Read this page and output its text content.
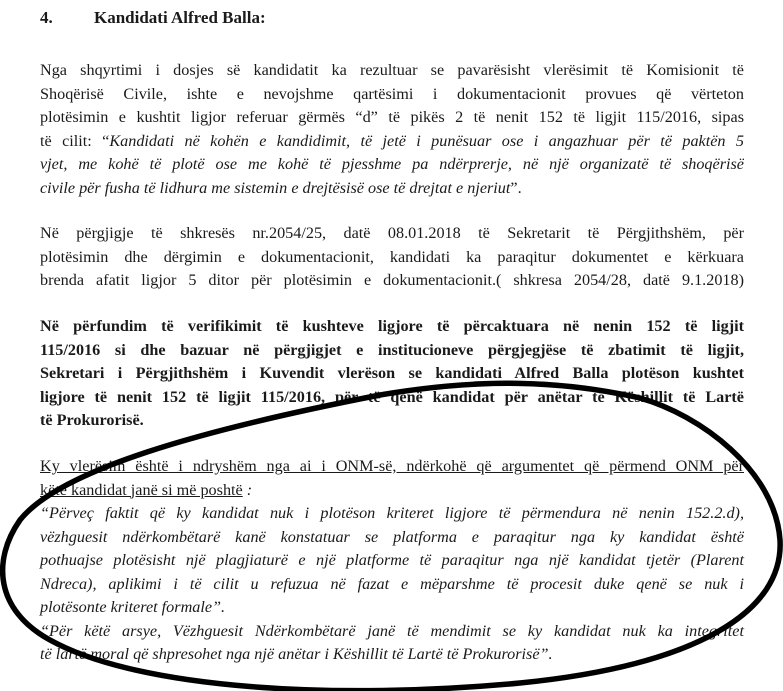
4. Kandidati Alfred Balla:
Nga shqyrtimi i dosjes së kandidatit ka rezultuar se pavarësisht vlerësimit të Komisionit të
Shoqërisë Civile, ishte e nevojshme qartësimi i dokumentacionit provues që vërteton
plotësimin e kushtit ligjor referuar gërmës “d” të pikës 2 të nenit 152 të ligjit 115/2016, sipas
të cilit: “Kandidati në kohën e kandidimit, të jetë i punësuar ose i angazhuar për të paktën 5
vjet, me kohë të plotë ose me kohë të pjesshme pa ndërprerje, në një organizatë të shoqërisë
civile për fusha të lidhura me sistemin e drejtësisë ose të drejtat e njeriut”.
Në përgjigje të shkresës nr.2054/25, datë 08.01.2018 të Sekretarit të Përgjithshëm, për
plotësimin dhe dërgimin e dokumentacionit, kandidati ka paraqitur dokumentet e kërkuara
brenda afatit ligjor 5 ditor për plotësimin e dokumentacionit.( shkresa 2054/28, datë 9.1.2018)
Në përfundim të verifikimit të kushteve ligjore të përcaktuara në nenin 152 të ligjit
115/2016 si dhe bazuar në përgjigjet e institucioneve përgjegjëse të zbatimit të ligjit,
Sekretari i Përgjithshëm i Kuvendit vlerëson se kandidati Alfred Balla plotëson kushtet
ligjore të nenit 152 të ligjit 115/2016, për të qenë kandidat për anëtar të Këshillit të Lartë
të Prokurorisë.
Ky vlerësim është i ndryshëm nga ai i ONM-së, ndërkohë që argumentet që përmend ONM për
këtë kandidat janë si më poshtë :
“Përveç faktit që ky kandidat nuk i plotëson kriteret ligjore të përmendura në nenin 152.2.d),
vëzhguesit ndërkombëtarë kanë konstatuar se platforma e paraqitur nga ky kandidat është
pothuajse plotësisht një plagjiaturë e një platforme të paraqitur nga një kandidat tjetër (Plarent
Ndreca), aplikimi i të cilit u refuzua në fazat e mëparshme të procesit duke qenë se nuk i
plotësonte kriteret formale”.
“Për këtë arsye, Vëzhguesit Ndërkombëtarë janë të mendimit se ky kandidat nuk ka integritet
të lartë moral që shpresohet nga një anëtar i Këshillit të Lartë të Prokurorisë”.
